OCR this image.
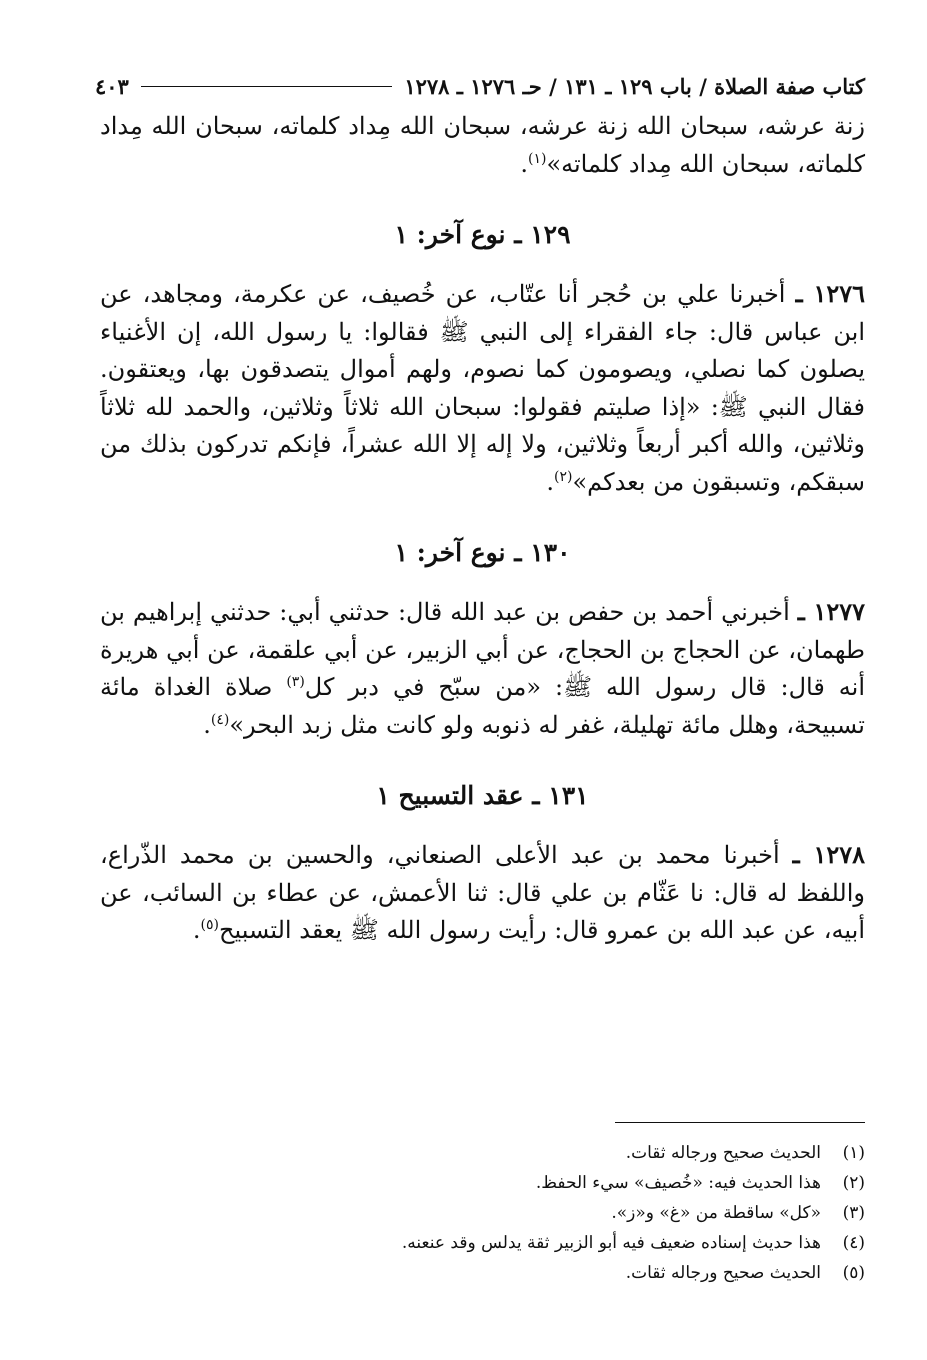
كتاب صفة الصلاة / باب ١٢٩ ـ ١٣١ / حـ ١٢٧٦ ـ ١٢٧٨
٤٠٣

زنة عرشه، سبحان الله زنة عرشه، سبحان الله مِداد كلماته، سبحان الله مِداد كلماته، سبحان الله مِداد كلماته»$^{(١)}$.

١٢٩ ـ نوع آخر: ١

١٢٧٦ ـ أخبرنا علي بن حُجر أنا عتّاب، عن خُصيف، عن عكرمة، ومجاهد، عن ابن عباس قال: جاء الفقراء إلى النبي ﷺ فقالوا: يا رسول الله، إن الأغنياء يصلون كما نصلي، ويصومون كما نصوم، ولهم أموال يتصدقون بها، ويعتقون. فقال النبي ﷺ: «إذا صليتم فقولوا: سبحان الله ثلاثاً وثلاثين، والحمد لله ثلاثاً وثلاثين، والله أكبر أربعاً وثلاثين، ولا إله إلا الله عشراً، فإنكم تدركون بذلك من سبقكم، وتسبقون من بعدكم»$^{(٢)}$.

١٣٠ ـ نوع آخر: ١

١٢٧٧ ـ أخبرني أحمد بن حفص بن عبد الله قال: حدثني أبي: حدثني إبراهيم بن طهمان، عن الحجاج بن الحجاج، عن أبي الزبير، عن أبي علقمة، عن أبي هريرة أنه قال: قال رسول الله ﷺ: «من سبّح في دبر كل$^{(٣)}$ صلاة الغداة مائة تسبيحة، وهلل مائة تهليلة، غفر له ذنوبه ولو كانت مثل زبد البحر»$^{(٤)}$.

١٣١ ـ عقد التسبيح ١

١٢٧٨ ـ أخبرنا محمد بن عبد الأعلى الصنعاني، والحسين بن محمد الذّراع، واللفظ له قال: نا عَثّام بن علي قال: ثنا الأعمش، عن عطاء بن السائب، عن أبيه، عن عبد الله بن عمرو قال: رأيت رسول الله ﷺ يعقد التسبيح$^{(٥)}$.

(١)
الحديث صحيح ورجاله ثقات.
(٢)
هذا الحديث فيه: «خُصيف» سيء الحفظ.
(٣)
«كل» ساقطة من «غ» و«ز».
(٤)
هذا حديث إسناده ضعيف فيه أبو الزبير ثقة يدلس وقد عنعنه.
(٥)
الحديث صحيح ورجاله ثقات.
